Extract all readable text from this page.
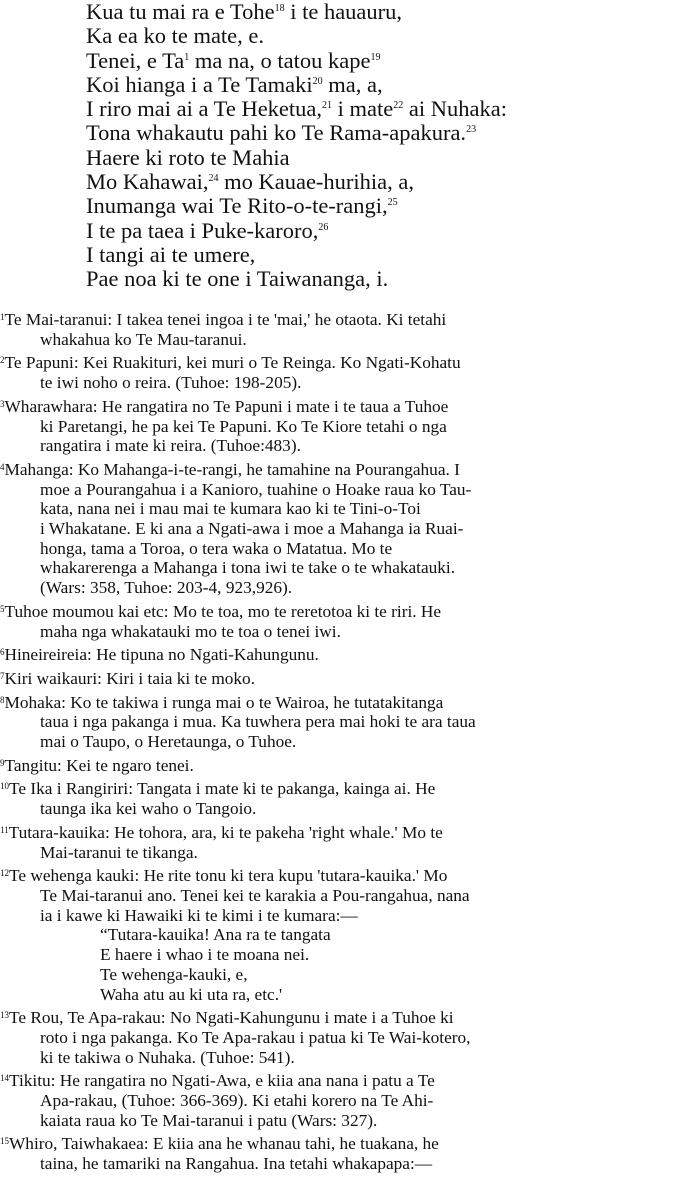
Kua tu mai ra e Tohe$^{18}$ i te hauauru,
Ka ea ko te mate, e.
Tenei, e Ta$^1$ ma na, o tatou kape$^{19}$
Koi hianga i a Te Tamaki$^{20}$ ma, a,
I riro mai ai a Te Heketua,$^{21}$ i mate$^{22}$ ai Nuhaka:
Tona whakautu pahi ko Te Rama-apakura.$^{23}$
Haere ki roto te Mahia
Mo Kahawai,$^{24}$ mo Kauae-hurihia, a,
Inumanga wai Te Rito-o-te-rangi,$^{25}$
I te pa taea i Puke-karoro,$^{26}$
I tangi ai te umere,
Pae noa ki te one i Taiwananga, i.
$^1$Te Mai-taranui: I takea tenei ingoa i te 'mai,' he otaota. Ki tetahi
whakahua ko Te Mau-taranui.
$^2$Te Papuni: Kei Ruakituri, kei muri o Te Reinga. Ko Ngati-Kohatu
te iwi noho o reira. (Tuhoe: 198-205).
$^3$Wharawhara: He rangatira no Te Papuni i mate i te taua a Tuhoe
ki Paretangi, he pa kei Te Papuni. Ko Te Kiore tetahi o nga
rangatira i mate ki reira. (Tuhoe:483).
$^4$Mahanga: Ko Mahanga-i-te-rangi, he tamahine na Pourangahua. I
moe a Pourangahua i a Kanioro, tuahine o Hoake raua ko Tau-
kata, nana nei i mau mai te kumara kao ki te Tini-o-Toi
i Whakatane. E ki ana a Ngati-awa i moe a Mahanga ia Ruai-
honga, tama a Toroa, o tera waka o Matatua. Mo te
whakarerenga a Mahanga i tona iwi te take o te whakatauki.
(Wars: 358, Tuhoe: 203-4, 923,926).
$^5$Tuhoe moumou kai etc: Mo te toa, mo te reretotoa ki te riri. He
maha nga whakatauki mo te toa o tenei iwi.
$^6$Hineireireia: He tipuna no Ngati-Kahungunu.
$^7$Kiri waikauri: Kiri i taia ki te moko.
$^8$Mohaka: Ko te takiwa i runga mai o te Wairoa, he tutatakitanga
taua i nga pakanga i mua. Ka tuwhera pera mai hoki te ara taua
mai o Taupo, o Heretaunga, o Tuhoe.
$^9$Tangitu: Kei te ngaro tenei.
$^{10}$Te Ika i Rangiriri: Tangata i mate ki te pakanga, kainga ai. He
taunga ika kei waho o Tangoio.
$^{11}$Tutara-kauika: He tohora, ara, ki te pakeha 'right whale.' Mo te
Mai-taranui te tikanga.
$^{12}$Te wehenga kauki: He rite tonu ki tera kupu 'tutara-kauika.' Mo
Te Mai-taranui ano. Tenei kei te karakia a Pou-rangahua, nana
ia i kawe ki Hawaiki ki te kimi i te kumara:—
“Tutara-kauika! Ana ra te tangata
E haere i whao i te moana nei.
Te wehenga-kauki, e,
Waha atu au ki uta ra, etc.'
$^{13}$Te Rou, Te Apa-rakau: No Ngati-Kahungunu i mate i a Tuhoe ki
roto i nga pakanga. Ko Te Apa-rakau i patua ki Te Wai-kotero,
ki te takiwa o Nuhaka. (Tuhoe: 541).
$^{14}$Tikitu: He rangatira no Ngati-Awa, e kiia ana nana i patu a Te
Apa-rakau, (Tuhoe: 366-369). Ki etahi korero na Te Ahi-
kaiata raua ko Te Mai-taranui i patu (Wars: 327).
$^{15}$Whiro, Taiwhakaea: E kiia ana he whanau tahi, he tuakana, he
taina, he tamariki na Rangahua. Ina tetahi whakapapa:—
